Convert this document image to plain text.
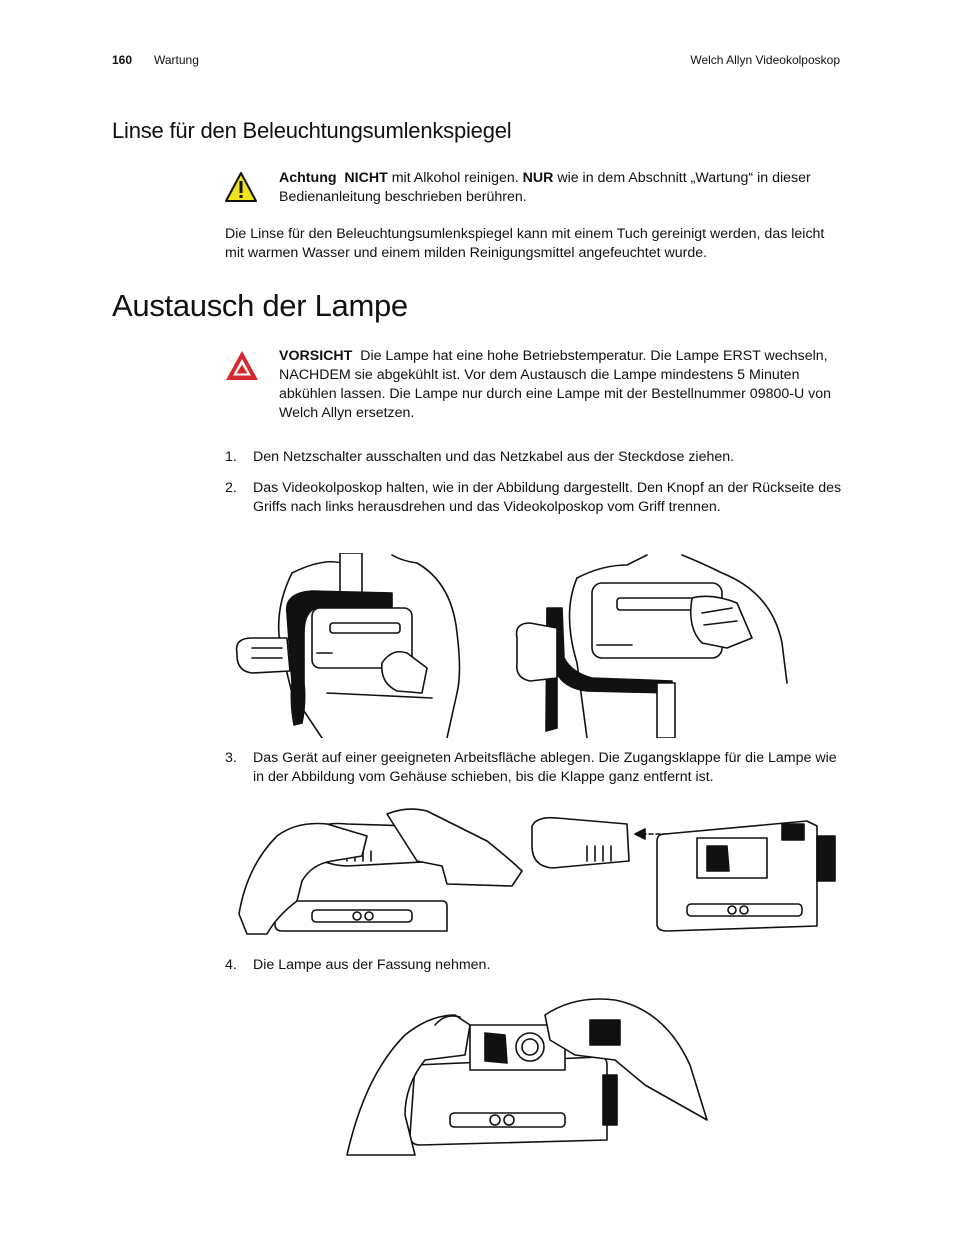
160 Wartung	Welch Allyn Videokolposkop
Linse für den Beleuchtungsumlenkspiegel

Achtung NICHT mit Alkohol reinigen. NUR wie in dem Abschnitt „Wartung“ in dieser Bedienanleitung beschrieben berühren.

Die Linse für den Beleuchtungsumlenkspiegel kann mit einem Tuch gereinigt werden, das leicht mit warmen Wasser und einem milden Reinigungsmittel angefeuchtet wurde.

Austausch der Lampe

VORSICHT Die Lampe hat eine hohe Betriebstemperatur. Die Lampe ERST wechseln, NACHDEM sie abgekühlt ist. Vor dem Austausch die Lampe mindestens 5 Minuten abkühlen lassen. Die Lampe nur durch eine Lampe mit der Bestellnummer 09800-U von Welch Allyn ersetzen.

1. Den Netzschalter ausschalten und das Netzkabel aus der Steckdose ziehen.
2. Das Videokolposkop halten, wie in der Abbildung dargestellt. Den Knopf an der Rückseite des Griffs nach links herausdrehen und das Videokolposkop vom Griff trennen.
3. Das Gerät auf einer geeigneten Arbeitsfläche ablegen. Die Zugangsklappe für die Lampe wie in der Abbildung vom Gehäuse schieben, bis die Klappe ganz entfernt ist.
4. Die Lampe aus der Fassung nehmen.
